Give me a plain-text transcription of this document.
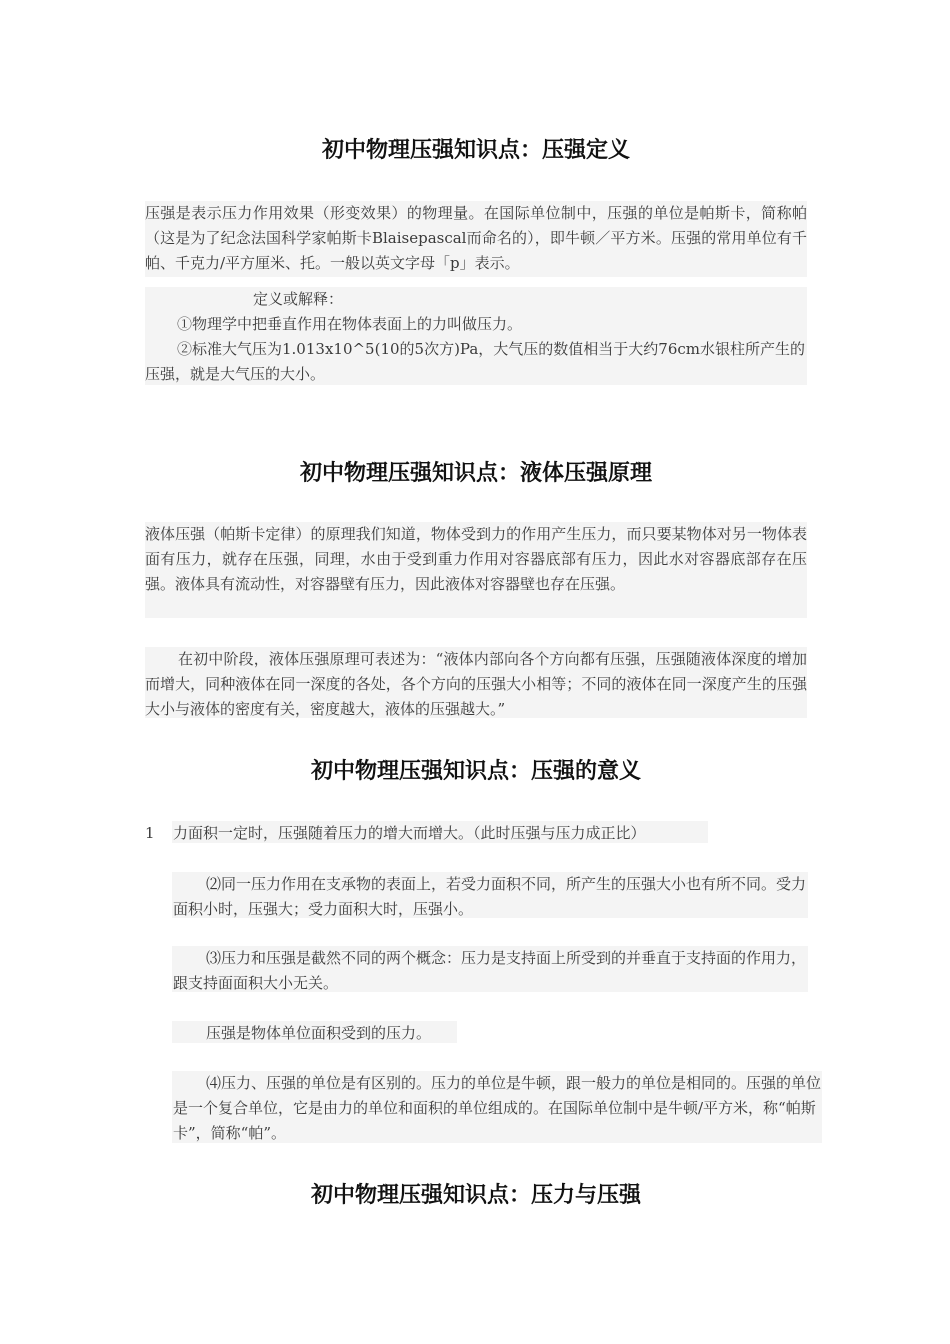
初中物理压强知识点：压强定义

压强是表示压力作用效果（形变效果）的物理量。在国际单位制中，压强的单位是帕斯卡，简称帕（这是为了纪念法国科学家帕斯卡Blaisepascal而命名的），即牛顿／平方米。压强的常用单位有千帕、千克力/平方厘米、托。一般以英文字母「p」表示。

定义或解释：

①物理学中把垂直作用在物体表面上的力叫做压力。

②标准大气压为1.013x10^5(10的5次方)Pa，大气压的数值相当于大约76cm水银柱所产生的压强，就是大气压的大小。

初中物理压强知识点：液体压强原理

液体压强（帕斯卡定律）的原理我们知道，物体受到力的作用产生压力，而只要某物体对另一物体表面有压力，就存在压强，同理，水由于受到重力作用对容器底部有压力，因此水对容器底部存在压强。液体具有流动性，对容器壁有压力，因此液体对容器壁也存在压强。

在初中阶段，液体压强原理可表述为：“液体内部向各个方向都有压强，压强随液体深度的增加而增大，同种液体在同一深度的各处，各个方向的压强大小相等；不同的液体在同一深度产生的压强大小与液体的密度有关，密度越大，液体的压强越大。”

初中物理压强知识点：压强的意义
1 力面积一定时，压强随着压力的增大而增大。（此时压强与压力成正比）

⑵同一压力作用在支承物的表面上，若受力面积不同，所产生的压强大小也有所不同。受力面积小时，压强大；受力面积大时，压强小。

⑶压力和压强是截然不同的两个概念：压力是支持面上所受到的并垂直于支持面的作用力，跟支持面面积大小无关。

压强是物体单位面积受到的压力。

⑷压力、压强的单位是有区别的。压力的单位是牛顿，跟一般力的单位是相同的。压强的单位是一个复合单位，它是由力的单位和面积的单位组成的。在国际单位制中是牛顿/平方米，称“帕斯卡”，简称“帕”。

初中物理压强知识点：压力与压强
